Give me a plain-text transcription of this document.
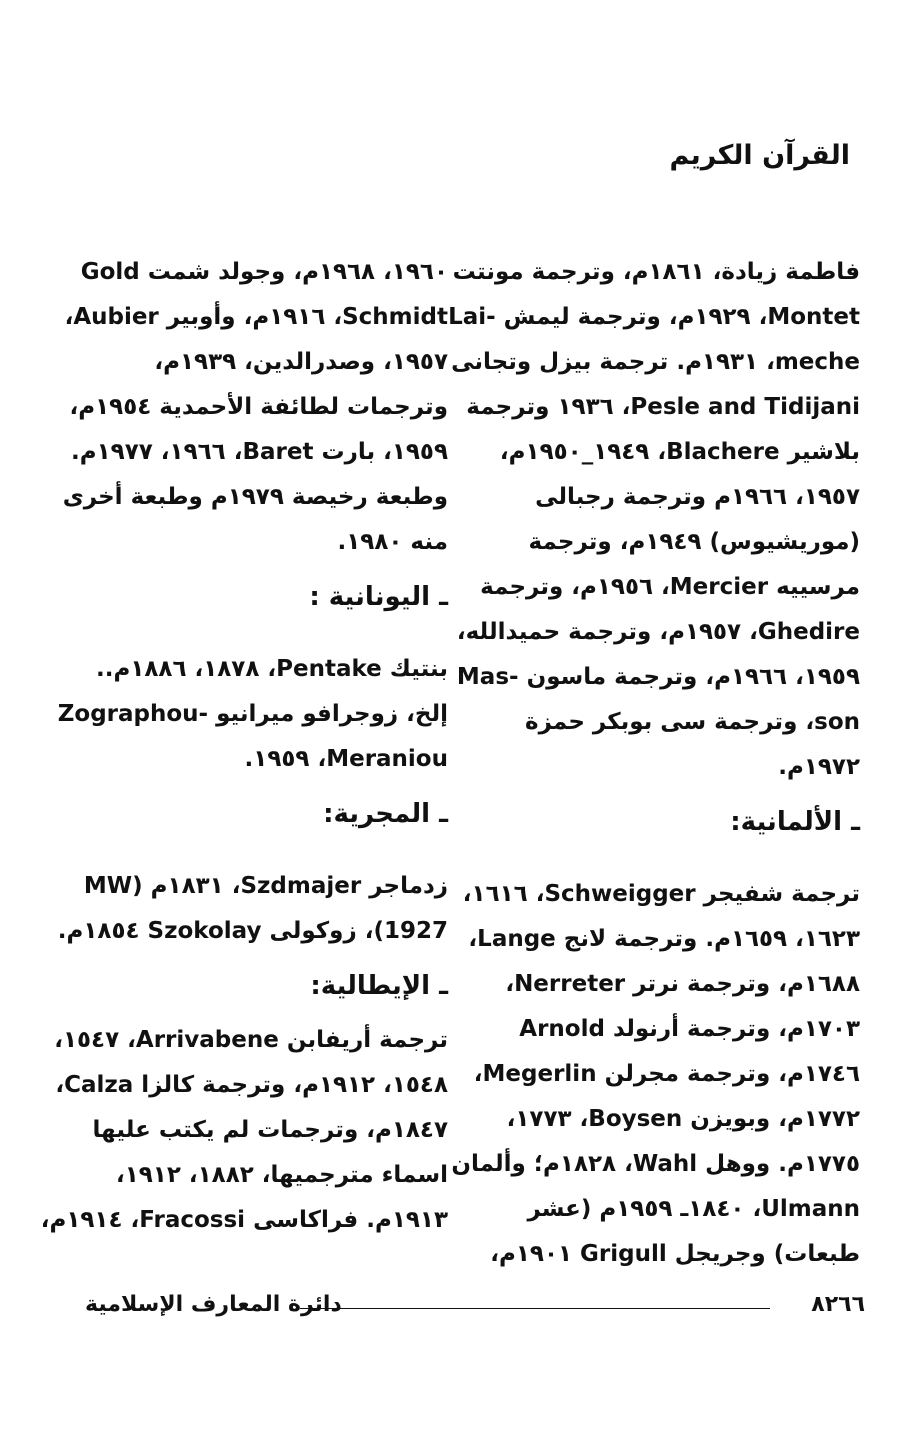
القرآن الكريم
فاطمة زيادة، ١٨٦١م، وترجمة مونتت
Montet، ١٩٢٩م، وترجمة ليمش -Lai
meche، ١٩٣١م. ترجمة بيزل وتجانى
Pesle and Tidijani، ١٩٣٦ وترجمة
بلاشير Blachere، ١٩٤٩_١٩٥٠م،
١٩٥٧، ١٩٦٦م وترجمة رجبالى
(موريشيوس) ١٩٤٩م، وترجمة
مرسييه Mercier، ١٩٥٦م، وترجمة
Ghedire، ١٩٥٧م، وترجمة حميدالله،
١٩٥٩، ١٩٦٦م، وترجمة ماسون -Mas
son، وترجمة سى بوبكر حمزة
١٩٧٢م.
ـ الألمانية:
ترجمة شفيجر Schweigger، ١٦١٦،
١٦٢٣، ١٦٥٩م. وترجمة لانج Lange،
١٦٨٨م، وترجمة نرتر Nerreter،
١٧٠٣م، وترجمة أرنولد Arnold
١٧٤٦م، وترجمة مجرلن Megerlin،
١٧٧٢م، وبويزن Boysen، ١٧٧٣،
١٧٧٥م. ووهل Wahl، ١٨٢٨م؛ وألمان
Ulmann، ١٨٤٠ـ ١٩٥٩م (عشر
طبعات) وجريجل Grigull ١٩٠١م،
١٩٦٠، ١٩٦٨م، وجولد شمت Gold
Schmidt، ١٩١٦م، وأوبير Aubier،
١٩٥٧، وصدرالدين، ١٩٣٩م،
وترجمات لطائفة الأحمدية ١٩٥٤م،
١٩٥٩، بارت Baret، ١٩٦٦، ١٩٧٧م.
وطبعة رخيصة ١٩٧٩م وطبعة أخرى
منه ١٩٨٠.
ـ اليونانية :
بنتيك Pentake، ١٨٧٨، ١٨٨٦م..
إلخ، زوجرافو ميرانيو -Zographou
Meraniou، ١٩٥٩.
ـ المجرية:
زدماجر Szdmajer، ١٨٣١م (MW
1927)، زوكولى Szokolay ١٨٥٤م.
ـ الإيطالية:
ترجمة أريفابن Arrivabene، ١٥٤٧،
١٥٤٨، ١٩١٢م، وترجمة كالزا Calza،
١٨٤٧م، وترجمات لم يكتب عليها
اسماء مترجميها، ١٨٨٢، ١٩١٢،
١٩١٣م. فراكاسى Fracossi، ١٩١٤م،
دائرة المعارف الإسلامية	٨٢٦٦
